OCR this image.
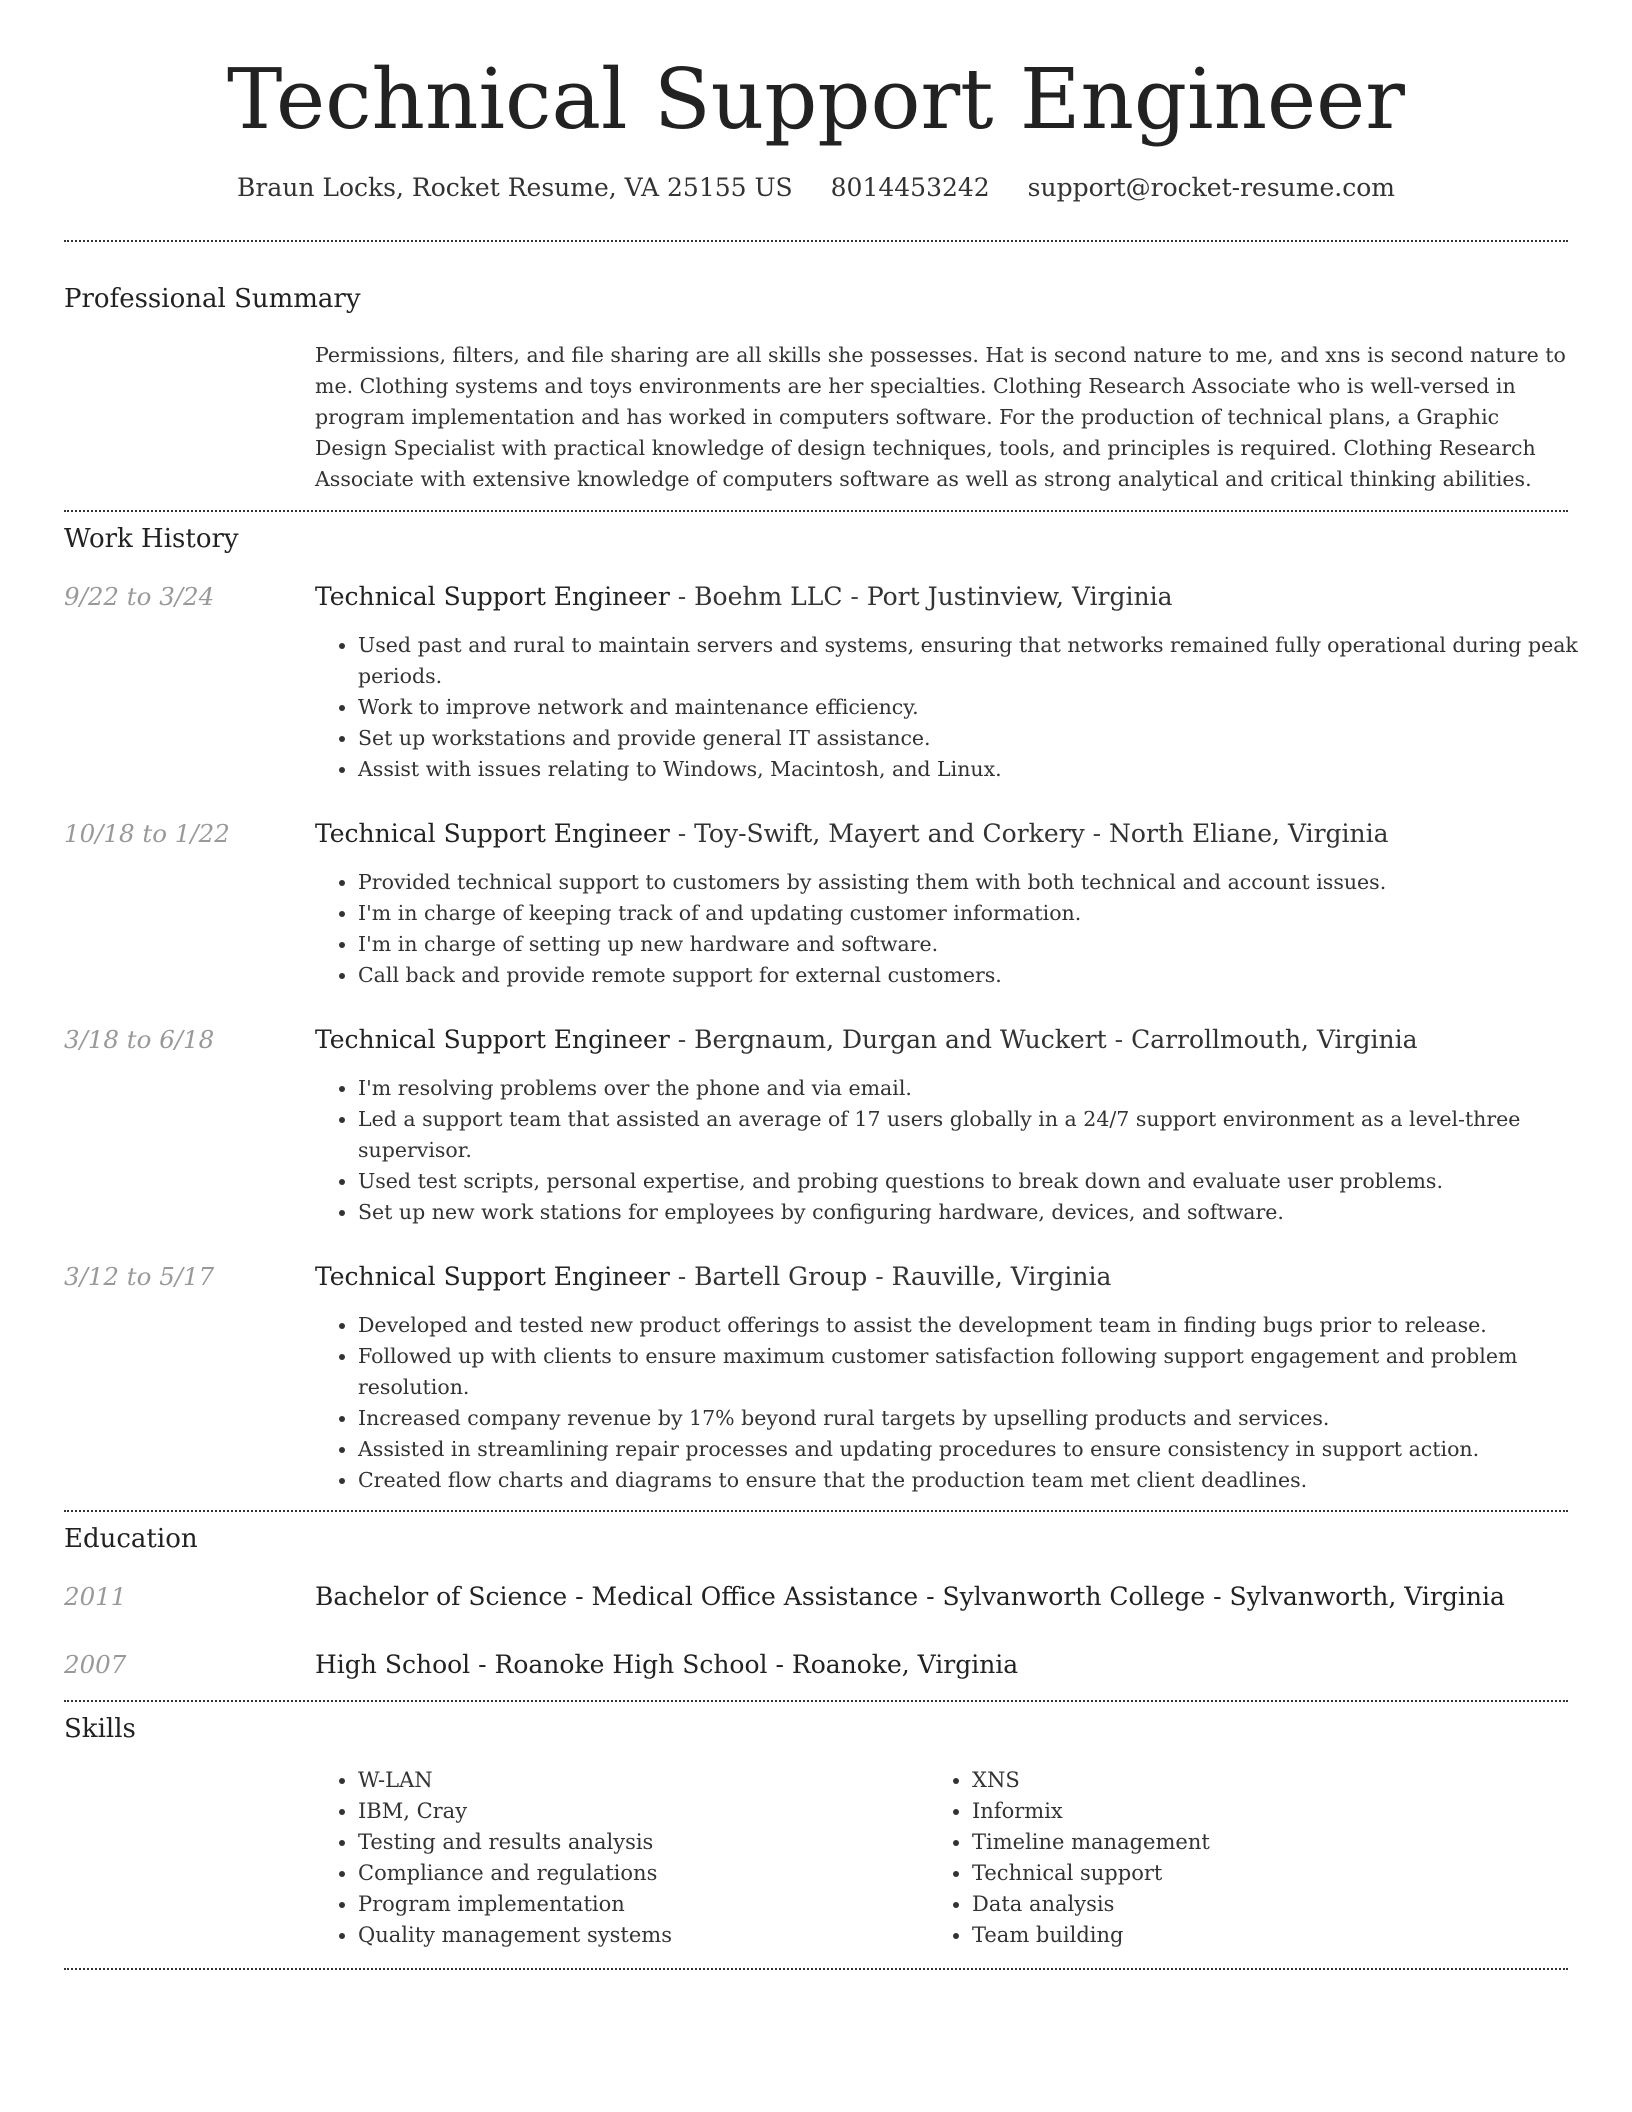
Technical Support Engineer
Braun Locks, Rocket Resume, VA 25155 US 8014453242 support@rocket-resume.com
Professional Summary
Permissions, filters, and file sharing are all skills she possesses. Hat is second nature to me, and xns is second nature to me. Clothing systems and toys environments are her specialties. Clothing Research Associate who is well-versed in program implementation and has worked in computers software. For the production of technical plans, a Graphic Design Specialist with practical knowledge of design techniques, tools, and principles is required. Clothing Research Associate with extensive knowledge of computers software as well as strong analytical and critical thinking abilities.
Work History
9/22 to 3/24	Technical Support Engineer - Boehm LLC - Port Justinview, Virginia
• Used past and rural to maintain servers and systems, ensuring that networks remained fully operational during peak periods.
• Work to improve network and maintenance efficiency.
• Set up workstations and provide general IT assistance.
• Assist with issues relating to Windows, Macintosh, and Linux.
10/18 to 1/22	Technical Support Engineer - Toy-Swift, Mayert and Corkery - North Eliane, Virginia
• Provided technical support to customers by assisting them with both technical and account issues.
• I'm in charge of keeping track of and updating customer information.
• I'm in charge of setting up new hardware and software.
• Call back and provide remote support for external customers.
3/18 to 6/18	Technical Support Engineer - Bergnaum, Durgan and Wuckert - Carrollmouth, Virginia
• I'm resolving problems over the phone and via email.
• Led a support team that assisted an average of 17 users globally in a 24/7 support environment as a level-three supervisor.
• Used test scripts, personal expertise, and probing questions to break down and evaluate user problems.
• Set up new work stations for employees by configuring hardware, devices, and software.
3/12 to 5/17	Technical Support Engineer - Bartell Group - Rauville, Virginia
• Developed and tested new product offerings to assist the development team in finding bugs prior to release.
• Followed up with clients to ensure maximum customer satisfaction following support engagement and problem resolution.
• Increased company revenue by 17% beyond rural targets by upselling products and services.
• Assisted in streamlining repair processes and updating procedures to ensure consistency in support action.
• Created flow charts and diagrams to ensure that the production team met client deadlines.
Education
2011	Bachelor of Science - Medical Office Assistance - Sylvanworth College - Sylvanworth, Virginia
2007	High School - Roanoke High School - Roanoke, Virginia
Skills
• W-LAN
• IBM, Cray
• Testing and results analysis
• Compliance and regulations
• Program implementation
• Quality management systems
• XNS
• Informix
• Timeline management
• Technical support
• Data analysis
• Team building
